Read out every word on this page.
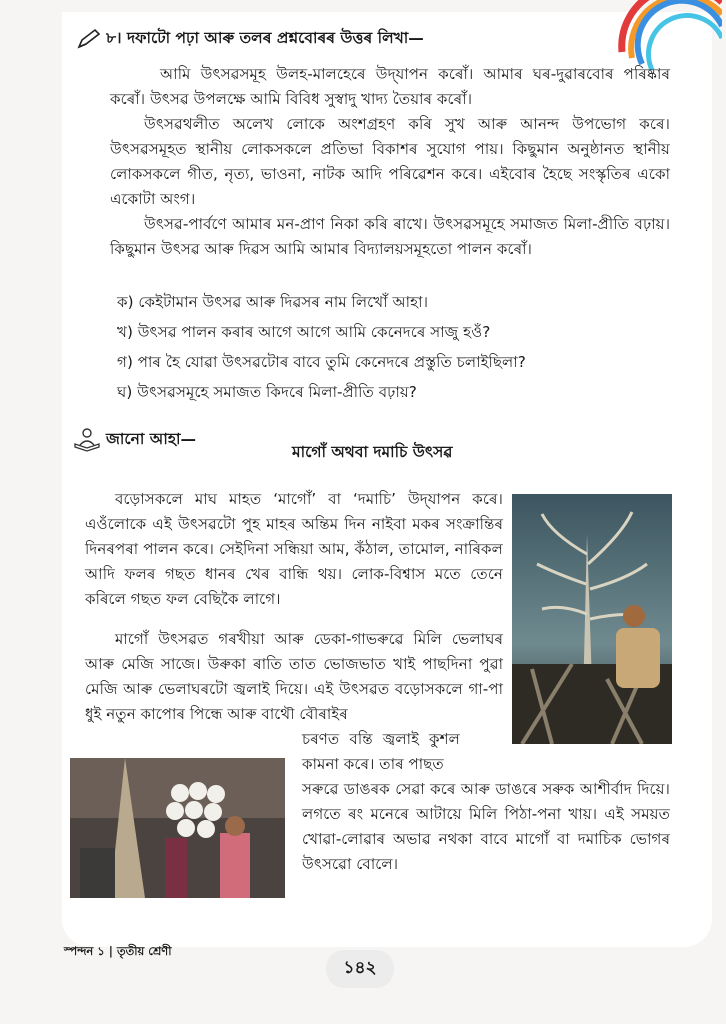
৮। দফাটো পঢ়া আৰু তলৰ প্ৰশ্নবোৰৰ উত্তৰ লিখা—

আমি উৎসৱসমূহ উলহ-মালহেৰে উদ্‌যাপন কৰোঁ। আমাৰ ঘৰ-দুৱাৰবোৰ পৰিষ্কাৰ কৰোঁ। উৎসৱ উপলক্ষে আমি বিবিধ সুস্বাদু খাদ্য তৈয়াৰ কৰোঁ।

উৎসৱথলীত অলেখ লোকে অংশগ্ৰহণ কৰি সুখ আৰু আনন্দ উপভোগ কৰে। উৎসৱসমূহত স্থানীয় লোকসকলে প্ৰতিভা বিকাশৰ সুযোগ পায়। কিছুমান অনুষ্ঠানত স্থানীয় লোকসকলে গীত, নৃত্য, ভাওনা, নাটক আদি পৰিৱেশন কৰে। এইবোৰ হৈছে সংস্কৃতিৰ একো একোটা অংগ।

উৎসৱ-পাৰ্বণে আমাৰ মন-প্ৰাণ নিকা কৰি ৰাখে। উৎসৱসমূহে সমাজত মিলা-প্ৰীতি বঢ়ায়। কিছুমান উৎসৱ আৰু দিৱস আমি আমাৰ বিদ্যালয়সমূহতো পালন কৰোঁ।

ক) কেইটামান উৎসৱ আৰু দিৱসৰ নাম লিখোঁ আহা।
খ) উৎসৱ পালন কৰাৰ আগে আগে আমি কেনেদৰে সাজু হওঁ?
গ) পাৰ হৈ যোৱা উৎসৱটোৰ বাবে তুমি কেনেদৰে প্ৰস্তুতি চলাইছিলা?
ঘ) উৎসৱসমূহে সমাজত কিদৰে মিলা-প্ৰীতি বঢ়ায়?
জানো আহা—
মাগোঁ অথবা দমাচি উৎসৱ

বড়োসকলে মাঘ মাহত ‘মাগোঁ’ বা ‘দমাচি’ উদ্‌যাপন কৰে। এওঁলোকে এই উৎসৱটো পুহ মাহৰ অন্তিম দিন নাইবা মকৰ সংক্ৰান্তিৰ দিনৰপৰা পালন কৰে। সেইদিনা সন্ধিয়া আম, কঁঠাল, তামোল, নাৰিকল আদি ফলৰ গছত ধানৰ খেৰ বান্ধি থয়। লোক-বিশ্বাস মতে তেনে কৰিলে গছত ফল বেছিকৈ লাগে।

মাগোঁ উৎসৱত গৰখীয়া আৰু ডেকা-গাভৰুৱে মিলি ভেলাঘৰ আৰু মেজি সাজে। উৰুকা ৰাতি তাত ভোজভাত খাই পাছদিনা পুৱা মেজি আৰু ভেলাঘৰটো জ্বলাই দিয়ে। এই উৎসৱত বড়োসকলে গা-পা ধুই নতুন কাপোৰ পিন্ধে আৰু বাথৌ বৌৰাইৰ

চৰণত বন্তি জ্বলাই কুশল কামনা কৰে। তাৰ পাছত

সৰুৱে ডাঙৰক সেৱা কৰে আৰু ডাঙৰে সৰুক আশীৰ্বাদ দিয়ে। লগতে ৰং মনেৰে আটায়ে মিলি পিঠা-পনা খায়। এই সময়ত খোৱা-লোৱাৰ অভাৱ নথকা বাবে মাগোঁ বা দমাচিক ভোগৰ উৎসৱো বোলে।

স্পন্দন ১ | তৃতীয় শ্ৰেণী
১৪২
